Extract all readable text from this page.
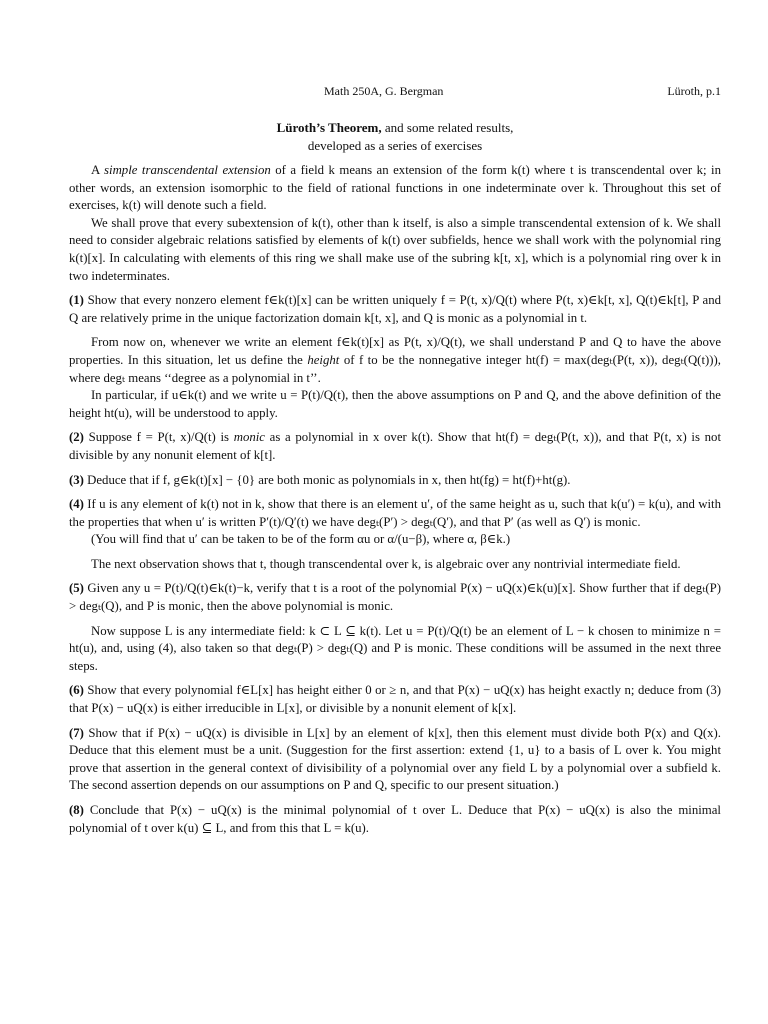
Math 250A, G. Bergman	Lüroth, p.1
Lüroth’s Theorem, and some related results,
developed as a series of exercises

A simple transcendental extension of a field k means an extension of the form k(t) where t is transcendental over k; in other words, an extension isomorphic to the field of rational functions in one indeterminate over k. Throughout this set of exercises, k(t) will denote such a field.

We shall prove that every subextension of k(t), other than k itself, is also a simple transcendental extension of k. We shall need to consider algebraic relations satisfied by elements of k(t) over subfields, hence we shall work with the polynomial ring k(t)[x]. In calculating with elements of this ring we shall make use of the subring k[t, x], which is a polynomial ring over k in two indeterminates.

(1) Show that every nonzero element f∈k(t)[x] can be written uniquely f = P(t, x)/Q(t) where P(t, x)∈k[t, x], Q(t)∈k[t], P and Q are relatively prime in the unique factorization domain k[t, x], and Q is monic as a polynomial in t.

From now on, whenever we write an element f∈k(t)[x] as P(t, x)/Q(t), we shall understand P and Q to have the above properties. In this situation, let us define the height of f to be the nonnegative integer ht(f) = max(degₜ(P(t, x)), degₜ(Q(t))), where degₜ means ‘‘degree as a polynomial in t’’.

In particular, if u∈k(t) and we write u = P(t)/Q(t), then the above assumptions on P and Q, and the above definition of the height ht(u), will be understood to apply.

(2) Suppose f = P(t, x)/Q(t) is monic as a polynomial in x over k(t). Show that ht(f) = degₜ(P(t, x)), and that P(t, x) is not divisible by any nonunit element of k[t].

(3) Deduce that if f, g∈k(t)[x] − {0} are both monic as polynomials in x, then ht(fg) = ht(f)+ht(g).

(4) If u is any element of k(t) not in k, show that there is an element u′, of the same height as u, such that k(u′) = k(u), and with the properties that when u′ is written P′(t)/Q′(t) we have degₜ(P′) > degₜ(Q′), and that P′ (as well as Q′) is monic.

(You will find that u′ can be taken to be of the form αu or α/(u−β), where α, β∈k.)

The next observation shows that t, though transcendental over k, is algebraic over any nontrivial intermediate field.

(5) Given any u = P(t)/Q(t)∈k(t)−k, verify that t is a root of the polynomial P(x) − uQ(x)∈k(u)[x]. Show further that if degₜ(P) > degₜ(Q), and P is monic, then the above polynomial is monic.

Now suppose L is any intermediate field: k ⊂ L ⊆ k(t). Let u = P(t)/Q(t) be an element of L − k chosen to minimize n = ht(u), and, using (4), also taken so that degₜ(P) > degₜ(Q) and P is monic. These conditions will be assumed in the next three steps.

(6) Show that every polynomial f∈L[x] has height either 0 or ≥ n, and that P(x) − uQ(x) has height exactly n; deduce from (3) that P(x) − uQ(x) is either irreducible in L[x], or divisible by a nonunit element of k[x].

(7) Show that if P(x) − uQ(x) is divisible in L[x] by an element of k[x], then this element must divide both P(x) and Q(x). Deduce that this element must be a unit. (Suggestion for the first assertion: extend {1, u} to a basis of L over k. You might prove that assertion in the general context of divisibility of a polynomial over any field L by a polynomial over a subfield k. The second assertion depends on our assumptions on P and Q, specific to our present situation.)

(8) Conclude that P(x) − uQ(x) is the minimal polynomial of t over L. Deduce that P(x) − uQ(x) is also the minimal polynomial of t over k(u) ⊆ L, and from this that L = k(u).
